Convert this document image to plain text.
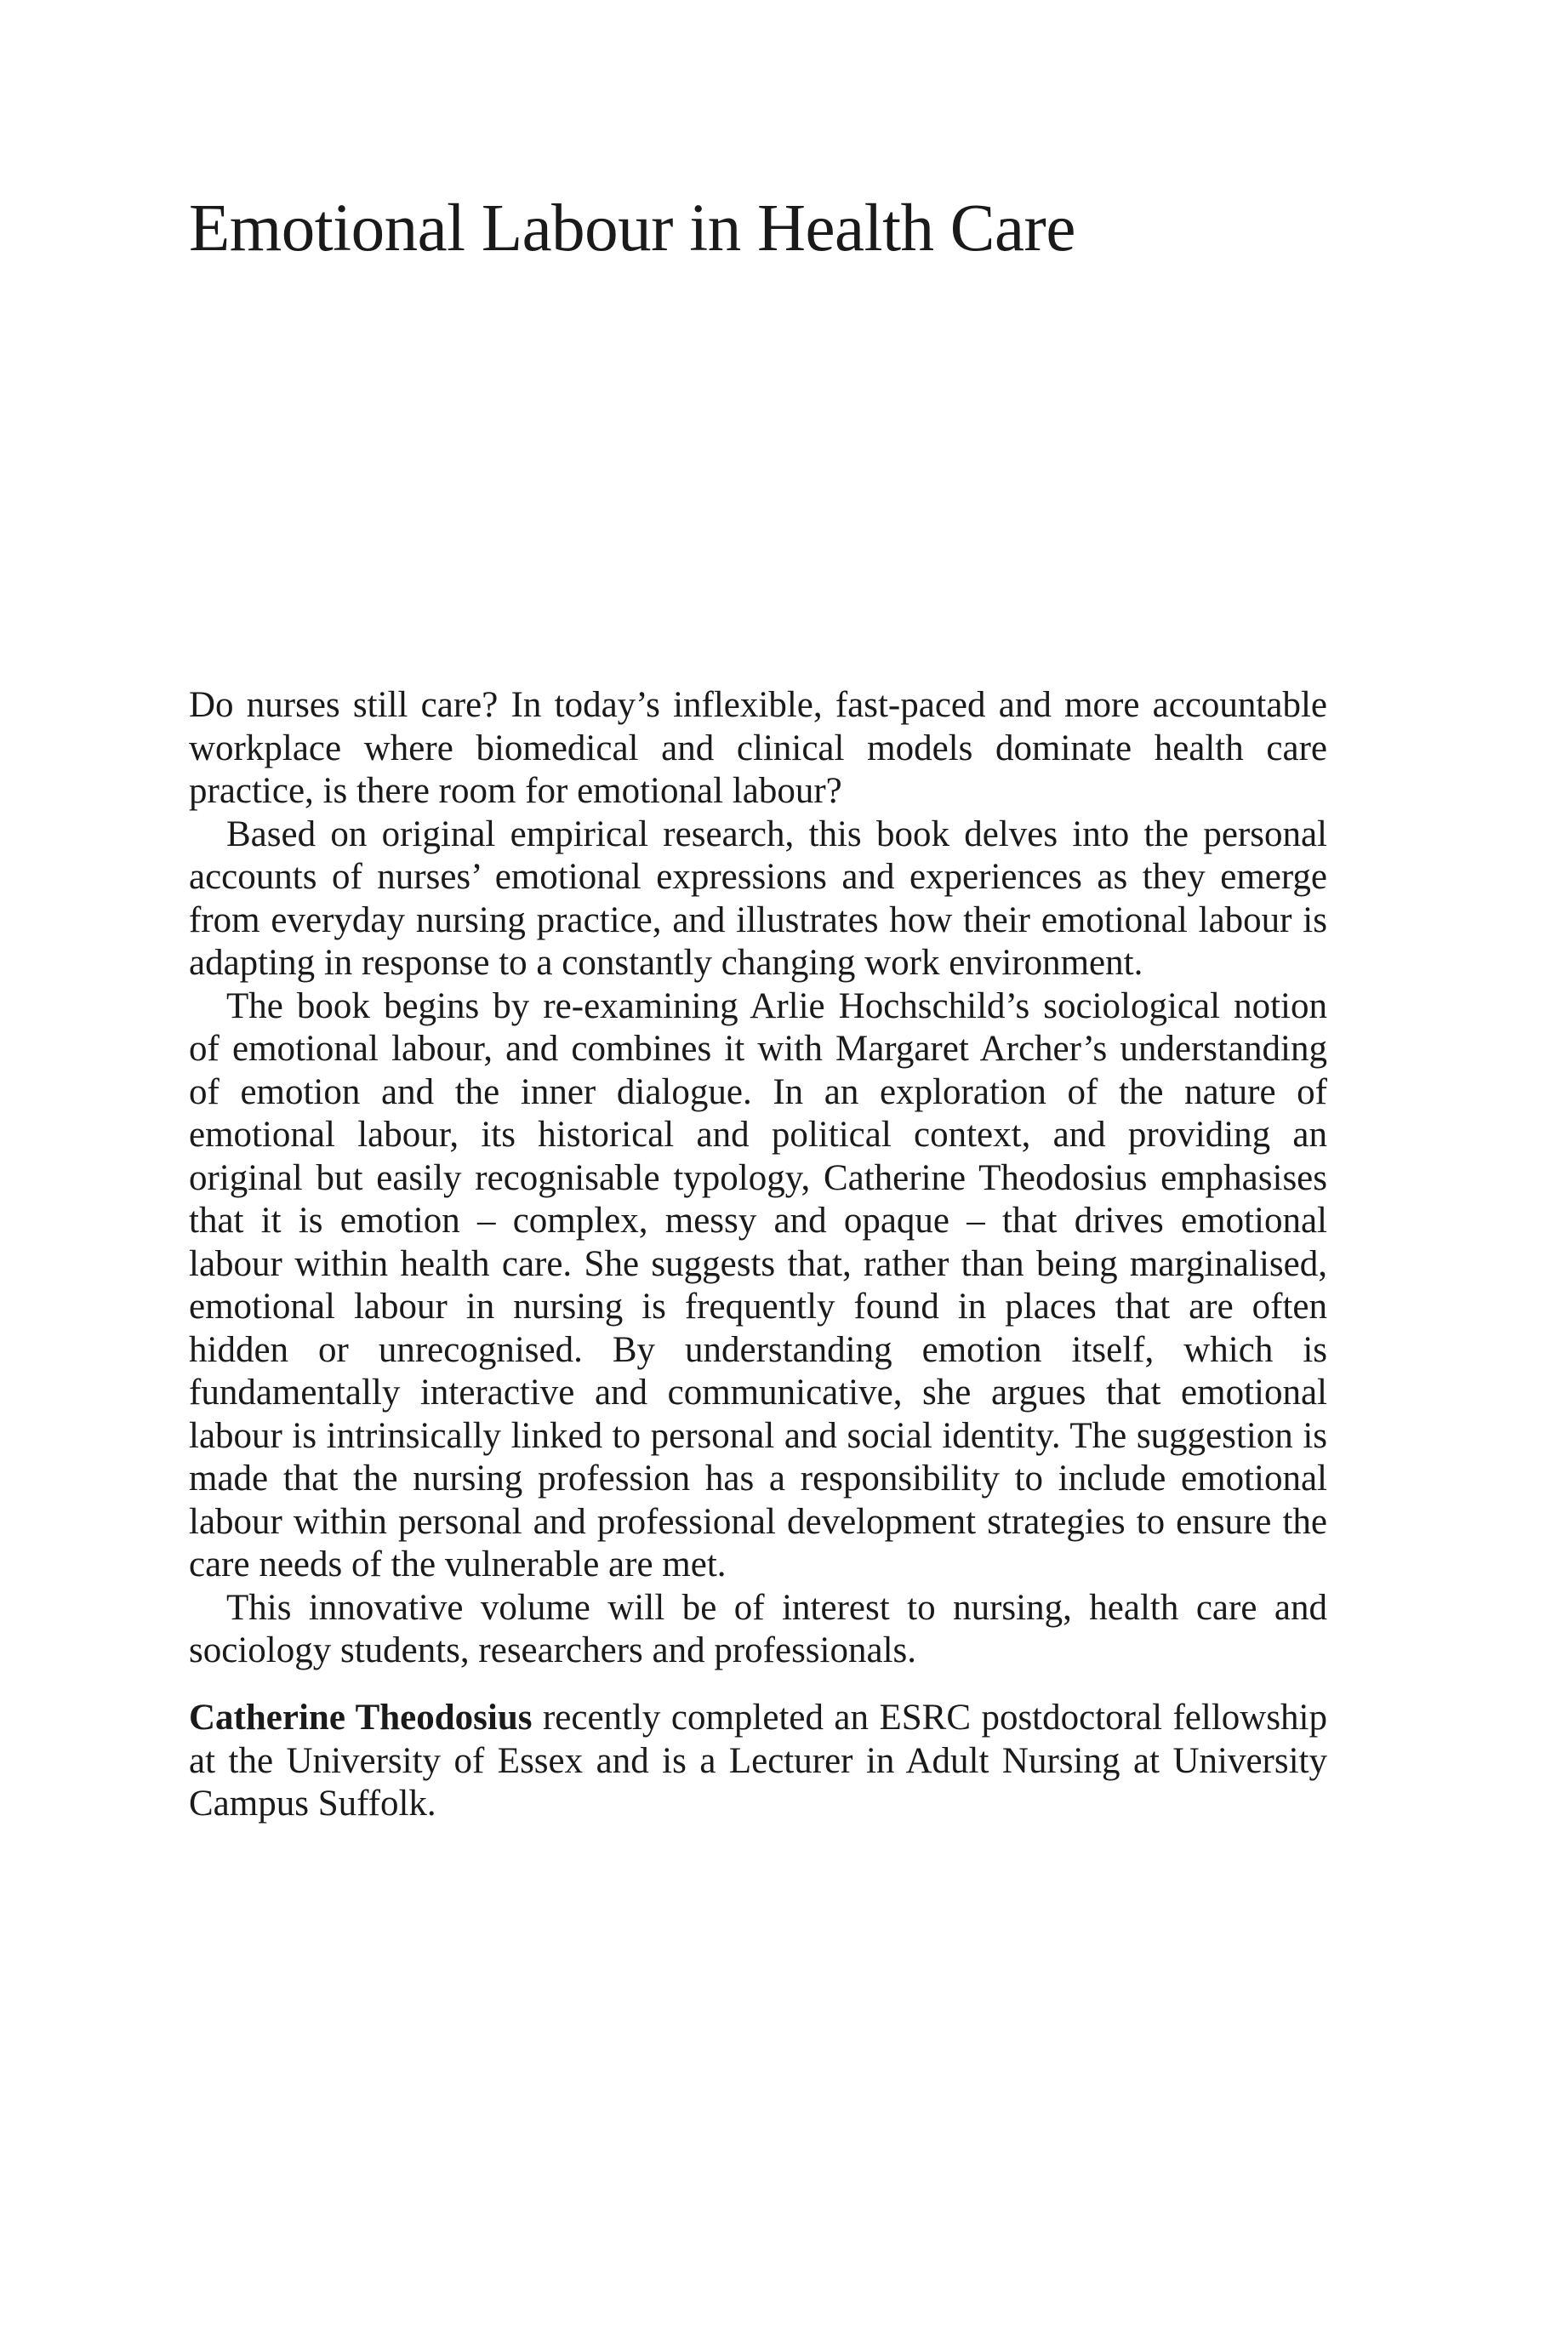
Emotional Labour in Health Care

Do nurses still care? In today’s inflexible, fast-paced and more accountable workplace where biomedical and clinical models dominate health care practice, is there room for emotional labour?

Based on original empirical research, this book delves into the personal accounts of nurses’ emotional expressions and experiences as they emerge from everyday nursing practice, and illustrates how their emotional labour is adapting in response to a constantly changing work environment.

The book begins by re-examining Arlie Hochschild’s sociological notion of emotional labour, and combines it with Margaret Archer’s understanding of emotion and the inner dialogue. In an exploration of the nature of emotional labour, its historical and political context, and providing an original but easily recognisable typology, Catherine Theodosius emphasises that it is emotion – complex, messy and opaque – that drives emotional labour within health care. She suggests that, rather than being marginalised, emotional labour in nursing is frequently found in places that are often hidden or unrecognised. By understanding emotion itself, which is fundamentally interactive and communicative, she argues that emotional labour is intrinsically linked to personal and social identity. The suggestion is made that the nursing profession has a responsibility to include emotional labour within personal and professional development strategies to ensure the care needs of the vulnerable are met.

This innovative volume will be of interest to nursing, health care and sociology students, researchers and professionals.

Catherine Theodosius recently completed an ESRC postdoctoral fellowship at the University of Essex and is a Lecturer in Adult Nursing at University Campus Suffolk.
